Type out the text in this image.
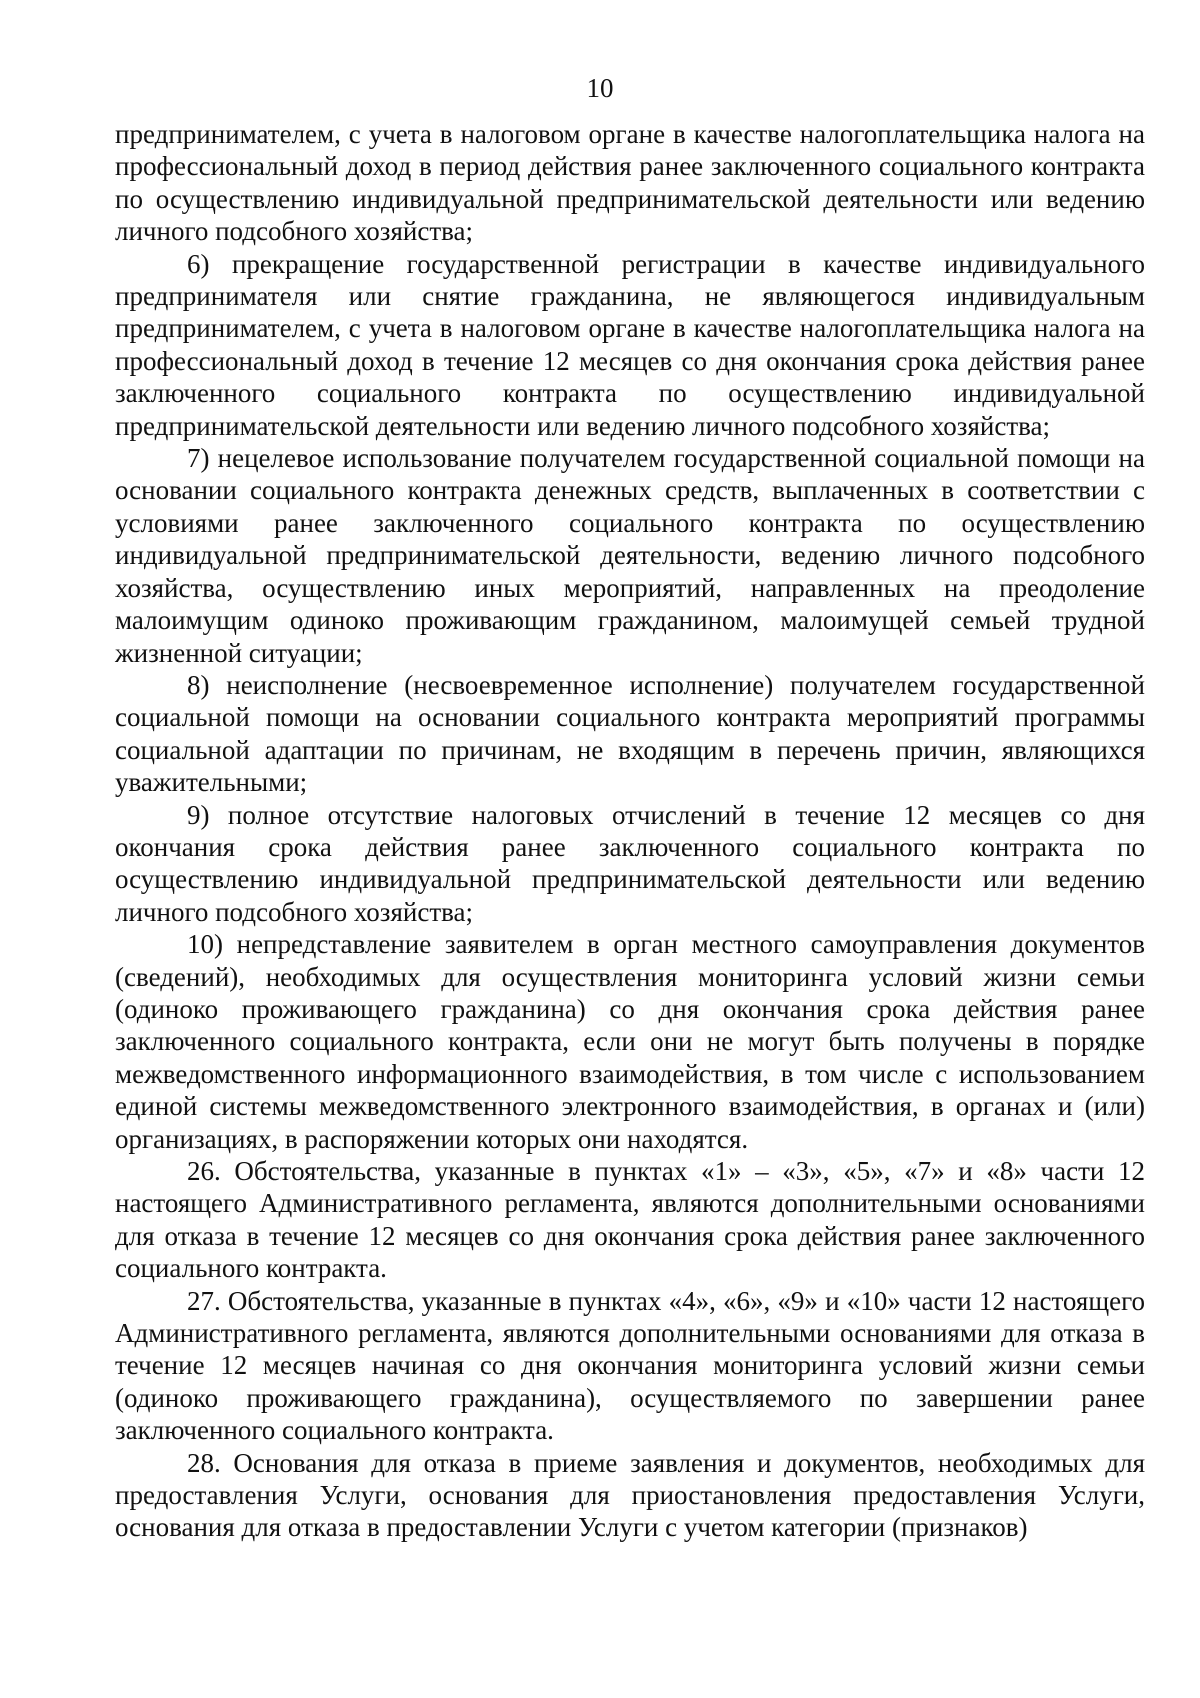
10

предпринимателем, с учета в налоговом органе в качестве налогоплательщика налога на профессиональный доход в период действия ранее заключенного социального контракта по осуществлению индивидуальной предпринимательской деятельности или ведению личного подсобного хозяйства;

6) прекращение государственной регистрации в качестве индивидуального предпринимателя или снятие гражданина, не являющегося индивидуальным предпринимателем, с учета в налоговом органе в качестве налогоплательщика налога на профессиональный доход в течение 12 месяцев со дня окончания срока действия ранее заключенного социального контракта по осуществлению индивидуальной предпринимательской деятельности или ведению личного подсобного хозяйства;

7) нецелевое использование получателем государственной социальной помощи на основании социального контракта денежных средств, выплаченных в соответствии с условиями ранее заключенного социального контракта по осуществлению индивидуальной предпринимательской деятельности, ведению личного подсобного хозяйства, осуществлению иных мероприятий, направленных на преодоление малоимущим одиноко проживающим гражданином, малоимущей семьей трудной жизненной ситуации;

8) неисполнение (несвоевременное исполнение) получателем государственной социальной помощи на основании социального контракта мероприятий программы социальной адаптации по причинам, не входящим в перечень причин, являющихся уважительными;

9) полное отсутствие налоговых отчислений в течение 12 месяцев со дня окончания срока действия ранее заключенного социального контракта по осуществлению индивидуальной предпринимательской деятельности или ведению личного подсобного хозяйства;

10) непредставление заявителем в орган местного самоуправления документов (сведений), необходимых для осуществления мониторинга условий жизни семьи (одиноко проживающего гражданина) со дня окончания срока действия ранее заключенного социального контракта, если они не могут быть получены в порядке межведомственного информационного взаимодействия, в том числе с использованием единой системы межведомственного электронного взаимодействия, в органах и (или) организациях, в распоряжении которых они находятся.

26. Обстоятельства, указанные в пунктах «1» – «3», «5», «7» и «8» части 12 настоящего Административного регламента, являются дополнительными основаниями для отказа в течение 12 месяцев со дня окончания срока действия ранее заключенного социального контракта.

27. Обстоятельства, указанные в пунктах «4», «6», «9» и «10» части 12 настоящего Административного регламента, являются дополнительными основаниями для отказа в течение 12 месяцев начиная со дня окончания мониторинга условий жизни семьи (одиноко проживающего гражданина), осуществляемого по завершении ранее заключенного социального контракта.

28. Основания для отказа в приеме заявления и документов, необходимых для предоставления Услуги, основания для приостановления предоставления Услуги, основания для отказа в предоставлении Услуги с учетом категории (признаков)
